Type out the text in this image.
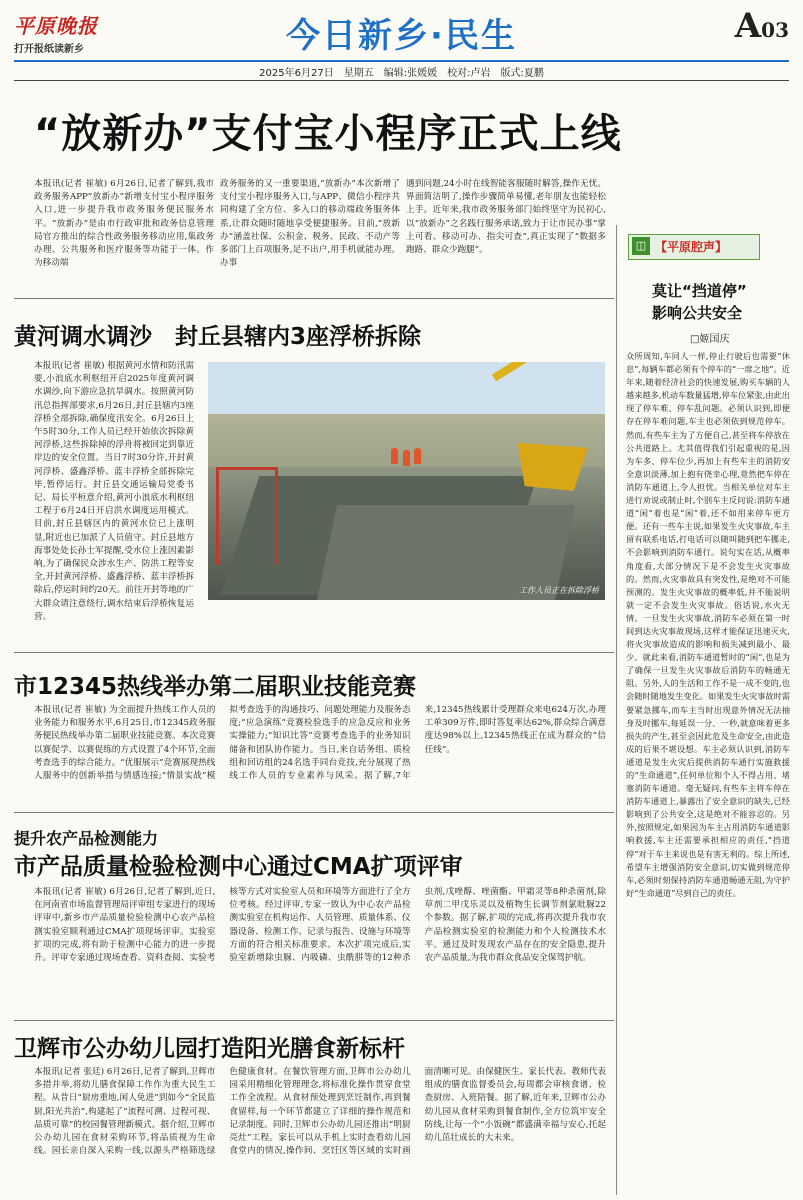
平原晚报
打开报纸读新乡	今日新乡·民生	A03
2025年6月27日　星期五　编辑:张媛媛　校对:卢岩　版式:夏鹏
“放新办”支付宝小程序正式上线
本报讯(记者 崔敏) 6月26日,记者了解到,我市政务服务APP“放新办”新增支付宝小程序服务入口,进一步提升我市政务服务便民服务水平。“放新办”是由市行政审批和政务信息管理局官方推出的综合性政务服务移动应用,集政务办理、公共服务和医疗服务等功能于一体。作为移动端
政务服务的又一重要渠道,“放新办”本次新增了支付宝小程序服务入口,与APP、微信小程序共同构建了全方位、多入口的移动端政务服务体系,让群众随时随地享受便捷服务。目前,“放新办”涵盖社保、公积金、税务、民政、不动产等多部门上百项服务,足不出户,用手机就能办理。办事
遇到问题,24小时在线智能客服随时解答,操作无忧。界面简洁明了,操作步骤简单易懂,老年朋友也能轻松上手。近年来,我市政务服务部门始终坚守为民初心,以“放新办”之名践行服务承诺,致力于让市民办事“掌上可看、移动可办、指尖可查”,真正实现了“数据多跑路、群众少跑腿”。	◫ 【平原腔声】
莫让“挡道停”
影响公共安全
□姬国庆
众所周知,车同人一样,停止行驶后也需要“休息”,每辆车都必须有个停车的“一席之地”。近年来,随着经济社会的快速发展,购买车辆的人越来越多,机动车数量猛增,停车位紧张,由此出现了停车难、停车乱问题。必须认识到,即便存在停车难问题,车主也必须依到规范停车。然而,有些车主为了方便自己,甚至将车停放在公共道路上。尤其值得我们引起重视的是,因为车多、停车位少,再加上有些车主的消防安全意识淡薄,加上抱有侥幸心理,竟然把车停在消防车通道上,令人担忧。当相关单位对车主进行劝说或制止时,个别车主反问说:消防车通道“闲”着也是“闲”着,还不如用来停车更方便。还有一些车主说,如果发生火灾事故,车主留有联系电话,打电话可以随叫随到把车挪走,不会影响到消防车通行。说句实在话,从概率角度看,大部分情况下是不会发生火灾事故的。然而,火灾事故具有突发性,是绝对不可能预测的。发生火灾事故的概率低,并不能说明就一定不会发生火灾事故。俗话说,水火无情。一旦发生火灾事故,消防车必须在第一时间到达火灾事故现场,这样才能保证迅速灭火,将火灾事故造成的影响和损失减到最小、最少。就此来看,消防车通道暂时的“闲”,也是为了确保一旦发生火灾事故后消防车的畅通无阻。另外,人的生活和工作不是一成不变的,也会随时随地发生变化。如果发生火灾事故时需要紧急挪车,而车主当时出现意外情况无法抽身及时挪车,每延误一分、一秒,就意味着更多损失的产生,甚至会因此危及生命安全,由此造成的后果不堪设想。车主必须认识到,消防车通道是发生火灾后提供消防车通行实施救援的“生命通道”,任何单位和个人不得占用、堵塞消防车通道。毫无疑问,有些车主将车停在消防车通道上,暴露出了安全意识的缺失,已经影响到了公共安全,这是绝对不能容忍的。另外,按照规定,如果因为车主占用消防车通道影响救援,车主还需要承担相应的责任,“挡道停”对于车主来说也是有害无利的。综上所述,希望车主增强消防安全意识,切实做到规范停车,必须时刻保持消防车通道畅通无阻,为守护好“生命通道”尽到自己的责任。
黄河调水调沙　封丘县辖内3座浮桥拆除
本报讯(记者 崔敏) 根据黄河水情和防汛需要,小浪底水利枢纽开启2025年度黄河调水调沙,向下游应急抗旱调水。按照黄河防汛总指挥部要求,6月26日,封丘县辖内3座浮桥全部拆除,确保度汛安全。6月26日上午5时30分,工作人员已经开始依次拆除黄河浮桥,这些拆除掉的浮舟将被回定到靠近岸边的安全位置。当日7时30分许,开封黄河浮桥、盛鑫浮桥、蓝丰浮桥全部拆除完毕,暂停运行。封丘县交通运输局党委书记、局长平桓意介绍,黄河小浪底水利枢纽工程于6月24日开启洪水调度运用模式。目前,封丘县辖区内的黄河水位已上涨明显,附近也已加派了人员值守。封丘县地方海事处处长孙士军提醒,受水位上涨因素影响,为了确保民众涉水生产、防洪工程等安全,开封黄河浮桥、盛鑫浮桥、蓝丰浮桥拆除后,停运时间约20天。前往开封等地的广大群众请注意绕行,调水结束后浮桥恢复运营。
工作人员正在拆除浮桥
市12345热线举办第二届职业技能竞赛
本报讯(记者 崔敏) 为全面提升热线工作人员的业务能力和服务水平,6月25日,市12345政务服务便民热线举办第二届职业技能竞赛。本次竞赛以赛促学、以赛促练的方式设置了4个环节,全面考查选手的综合能力。“优服展示”竞赛展现热线人服务中的创新举措与情感连接;“情景实战”模拟考查选手的沟通技巧、问题处理能力及服务态度;“应急演练”竞赛检验选手的应急反应和业务实操能力;“知识比答”竞赛考查选手的业务知识储备和团队协作能力。当日,来自话务组、质检组和回访组的24名选手同台竞技,充分展现了热线工作人员的专业素养与风采。据了解,7年来,12345热线累计受理群众来电624万次,办理工单309万件,即时答复率达62%,群众综合满意度达98%以上,12345热线正在成为群众的“信任线”。
提升农产品检测能力
市产品质量检验检测中心通过CMA扩项评审
本报讯(记者 崔敏) 6月26日,记者了解到,近日,在河南省市场监督管理局评审组专家进行的现场评审中,新乡市产品质量检验检测中心农产品检测实验室顺利通过CMA扩项现场评审。实验室扩项的完成,将有助于检测中心能力的进一步提升。评审专家通过现场查看、资料查阅、实验考核等方式对实验室人员和环境等方面进行了全方位考核。经过评审,专家一致认为中心农产品检测实验室在机构运作、人员管理、质量体系、仪器设备、检测工作、记录与报告、设施与环境等方面的符合相关标准要求。本次扩项完成后,实验室新增除虫脲、内吸磷、虫酰肼等的12种杀虫剂,戊唑醇、唑菌酯、甲霜灵等8种杀菌剂,除草剂二甲戊乐灵以及植物生长调节剂氯吡脲22个参数。据了解,扩项的完成,将再次提升我市农产品检测实验室的检测能力和个人检测技术水平。通过及时发现农产品存在的安全隐患,提升农产品质量,为我市群众食品安全保驾护航。
卫辉市公办幼儿园打造阳光膳食新标杆
本报讯(记者 张廷) 6月26日,记者了解到,卫辉市多措并举,将幼儿膳食保障工作作为重大民生工程。从昔日“厨房重地,闲人免进”到如今“全民监厨,阳光共治”,构建起了“流程可溯、过程可视、品质可靠”的校园餐管理新模式。据介绍,卫辉市公办幼儿园在食材采购环节,将品质视为生命线。园长亲自深入采购一线,以源头严格筛选绿色健康食材。在餐饮管理方面,卫辉市公办幼儿园采用精细化管理理念,将标准化操作贯穿食堂工作全流程。从食材预处理到烹饪制作,再到餐食留样,每一个环节都建立了详细的操作规范和记录制度。同时,卫辉市公办幼儿园还推出“明厨亮灶”工程。家长可以从手机上实时查看幼儿园食堂内的情况,操作间、烹饪区等区域的实时画面清晰可见。由保健医生、家长代表、教师代表组成的膳食监督委员会,每周都会审核食谱、检查厨房、入班陪餐。据了解,近年来,卫辉市公办幼儿园从食材采购到餐食制作,全方位筑牢安全防线,让每一个“小饭碗”都盛满幸福与安心,托起幼儿茁壮成长的大未来。
